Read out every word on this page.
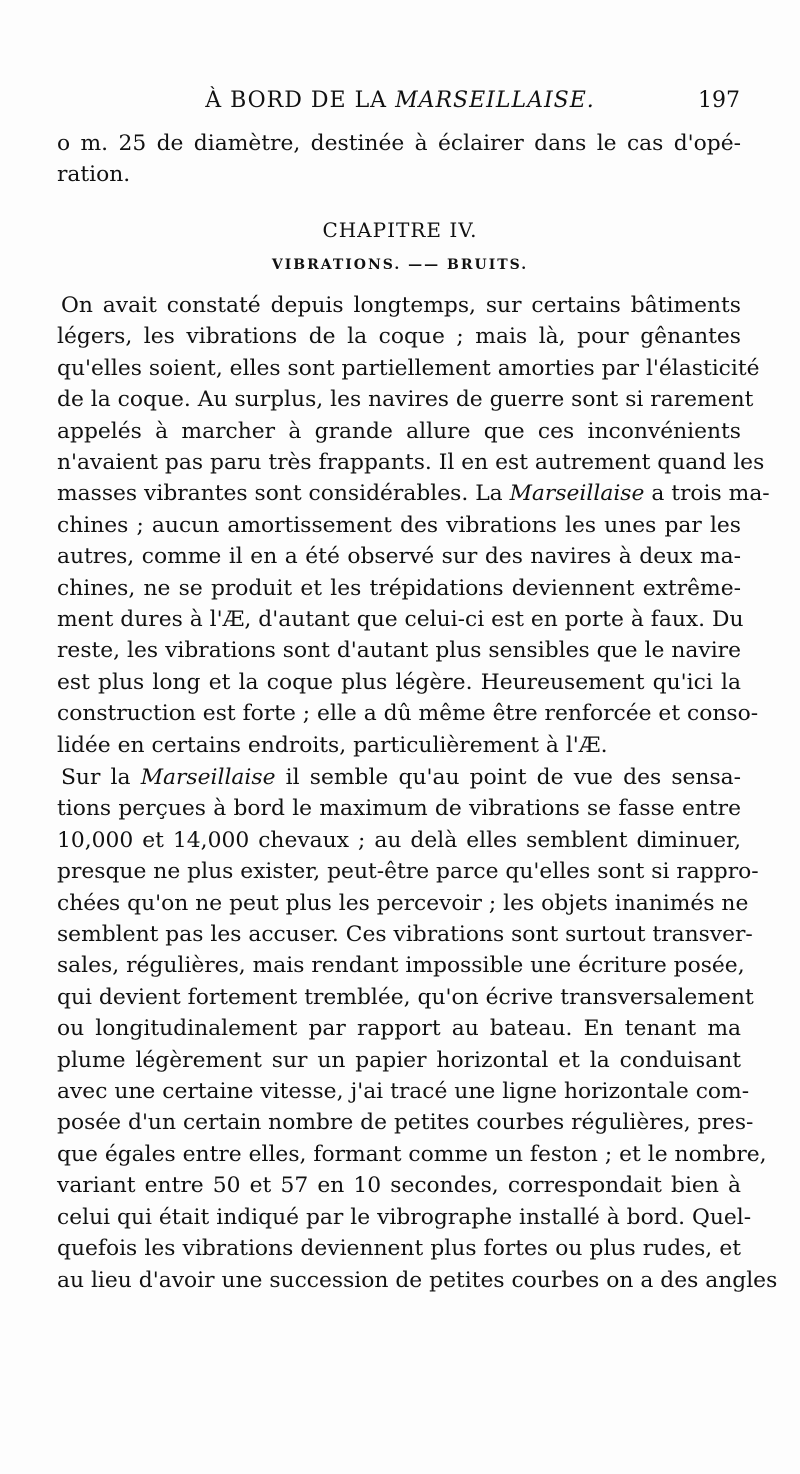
À BORD DE LA MARSEILLAISE.	197
o m. 25 de diamètre, destinée à éclairer dans le cas d'opé-
ration.
CHAPITRE IV.
VIBRATIONS. —— BRUITS.
On avait constaté depuis longtemps, sur certains bâtiments
légers, les vibrations de la coque ; mais là, pour gênantes
qu'elles soient, elles sont partiellement amorties par l'élasticité
de la coque. Au surplus, les navires de guerre sont si rarement
appelés à marcher à grande allure que ces inconvénients
n'avaient pas paru très frappants. Il en est autrement quand les
masses vibrantes sont considérables. La Marseillaise a trois ma-
chines ; aucun amortissement des vibrations les unes par les
autres, comme il en a été observé sur des navires à deux ma-
chines, ne se produit et les trépidations deviennent extrême-
ment dures à l'Æ, d'autant que celui-ci est en porte à faux. Du
reste, les vibrations sont d'autant plus sensibles que le navire
est plus long et la coque plus légère. Heureusement qu'ici la
construction est forte ; elle a dû même être renforcée et conso-
lidée en certains endroits, particulièrement à l'Æ.
Sur la Marseillaise il semble qu'au point de vue des sensa-
tions perçues à bord le maximum de vibrations se fasse entre
10,000 et 14,000 chevaux ; au delà elles semblent diminuer,
presque ne plus exister, peut-être parce qu'elles sont si rappro-
chées qu'on ne peut plus les percevoir ; les objets inanimés ne
semblent pas les accuser. Ces vibrations sont surtout transver-
sales, régulières, mais rendant impossible une écriture posée,
qui devient fortement tremblée, qu'on écrive transversalement
ou longitudinalement par rapport au bateau. En tenant ma
plume légèrement sur un papier horizontal et la conduisant
avec une certaine vitesse, j'ai tracé une ligne horizontale com-
posée d'un certain nombre de petites courbes régulières, pres-
que égales entre elles, formant comme un feston ; et le nombre,
variant entre 50 et 57 en 10 secondes, correspondait bien à
celui qui était indiqué par le vibrographe installé à bord. Quel-
quefois les vibrations deviennent plus fortes ou plus rudes, et
au lieu d'avoir une succession de petites courbes on a des angles
